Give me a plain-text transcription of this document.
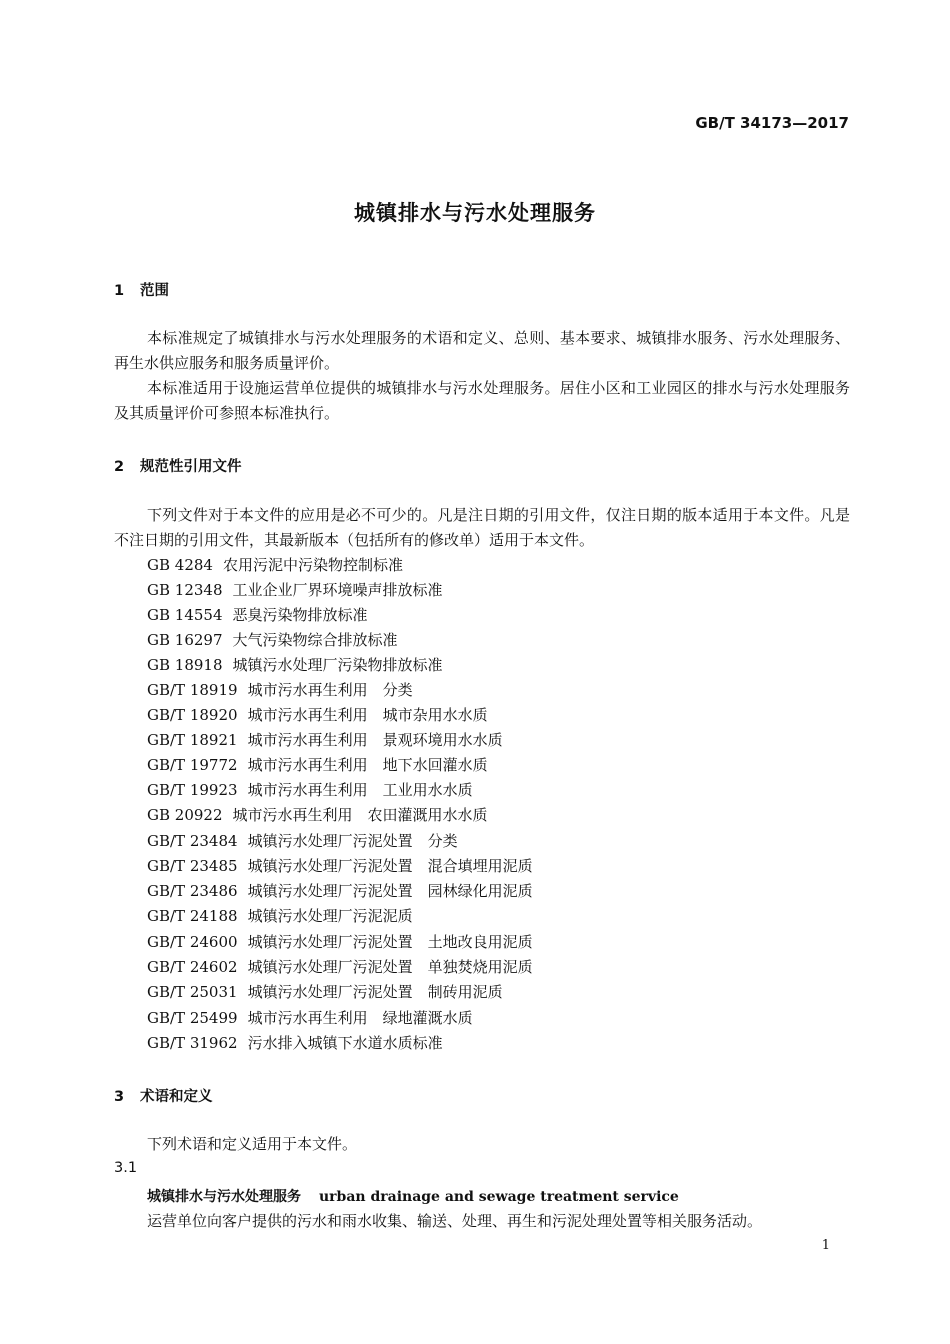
GB/T 34173—2017
城镇排水与污水处理服务
1 范围
本标准规定了城镇排水与污水处理服务的术语和定义、总则、基本要求、城镇排水服务、污水处理服务、再生水供应服务和服务质量评价。
本标准适用于设施运营单位提供的城镇排水与污水处理服务。居住小区和工业园区的排水与污水处理服务及其质量评价可参照本标准执行。
2 规范性引用文件
下列文件对于本文件的应用是必不可少的。凡是注日期的引用文件，仅注日期的版本适用于本文件。凡是不注日期的引用文件，其最新版本（包括所有的修改单）适用于本文件。
GB 4284 农用污泥中污染物控制标准
GB 12348 工业企业厂界环境噪声排放标准
GB 14554 恶臭污染物排放标准
GB 16297 大气污染物综合排放标准
GB 18918 城镇污水处理厂污染物排放标准
GB/T 18919 城市污水再生利用　分类
GB/T 18920 城市污水再生利用　城市杂用水水质
GB/T 18921 城市污水再生利用　景观环境用水水质
GB/T 19772 城市污水再生利用　地下水回灌水质
GB/T 19923 城市污水再生利用　工业用水水质
GB 20922 城市污水再生利用　农田灌溉用水水质
GB/T 23484 城镇污水处理厂污泥处置　分类
GB/T 23485 城镇污水处理厂污泥处置　混合填埋用泥质
GB/T 23486 城镇污水处理厂污泥处置　园林绿化用泥质
GB/T 24188 城镇污水处理厂污泥泥质
GB/T 24600 城镇污水处理厂污泥处置　土地改良用泥质
GB/T 24602 城镇污水处理厂污泥处置　单独焚烧用泥质
GB/T 25031 城镇污水处理厂污泥处置　制砖用泥质
GB/T 25499 城市污水再生利用　绿地灌溉水质
GB/T 31962 污水排入城镇下水道水质标准
3 术语和定义
下列术语和定义适用于本文件。
3.1
城镇排水与污水处理服务 urban drainage and sewage treatment service
运营单位向客户提供的污水和雨水收集、输送、处理、再生和污泥处理处置等相关服务活动。
1
